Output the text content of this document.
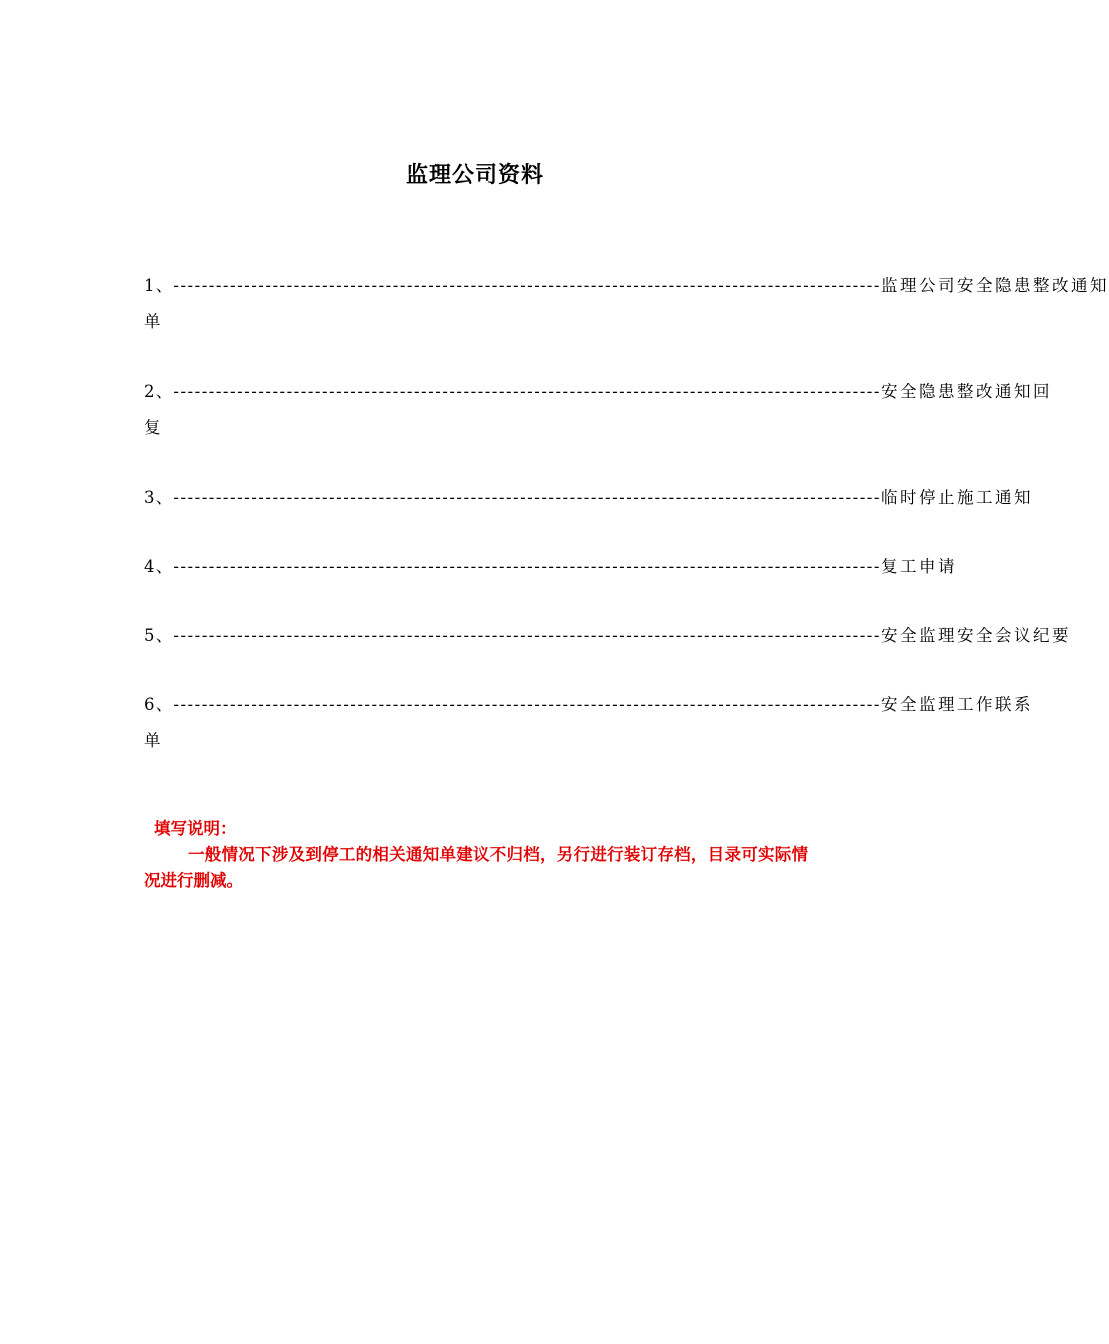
监理公司资料
1、 ---------------------------------------------------------------------------------------------------- 监理公司安全隐患整改通知
单
2、 ---------------------------------------------------------------------------------------------------- 安全隐患整改通知回
复
3、 ---------------------------------------------------------------------------------------------------- 临时停止施工通知
4、 ---------------------------------------------------------------------------------------------------- 复工申请
5、 ---------------------------------------------------------------------------------------------------- 安全监理安全会议纪要
6、 ---------------------------------------------------------------------------------------------------- 安全监理工作联系
单
填写说明：
一般情况下涉及到停工的相关通知单建议不归档，另行进行装订存档，目录可实际情况进行删减。
